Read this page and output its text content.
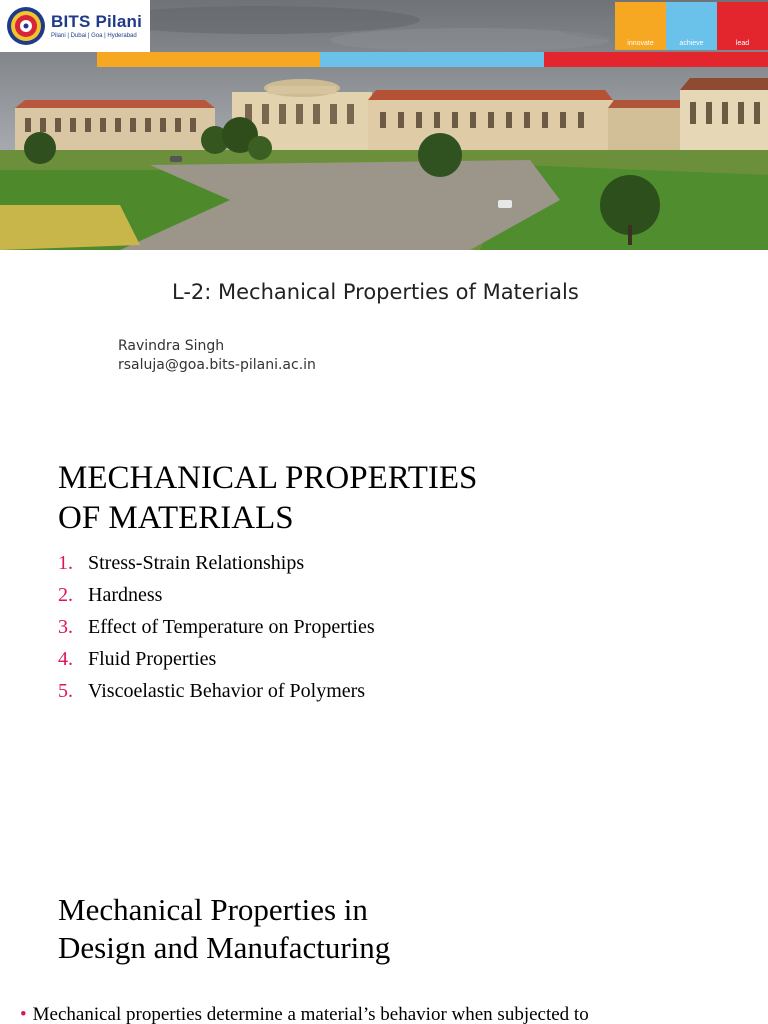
BITS Pilani
Pilani | Dubai | Goa | Hyderabad
innovate	achieve	lead
L-2: Mechanical Properties of Materials
Ravindra Singh
rsaluja@goa.bits-pilani.ac.in
MECHANICAL PROPERTIES
OF MATERIALS
1. Stress-Strain Relationships
2. Hardness
3. Effect of Temperature on Properties
4. Fluid Properties
5. Viscoelastic Behavior of Polymers
Mechanical Properties in
Design and Manufacturing
• Mechanical properties determine a material’s behavior when subjected to
